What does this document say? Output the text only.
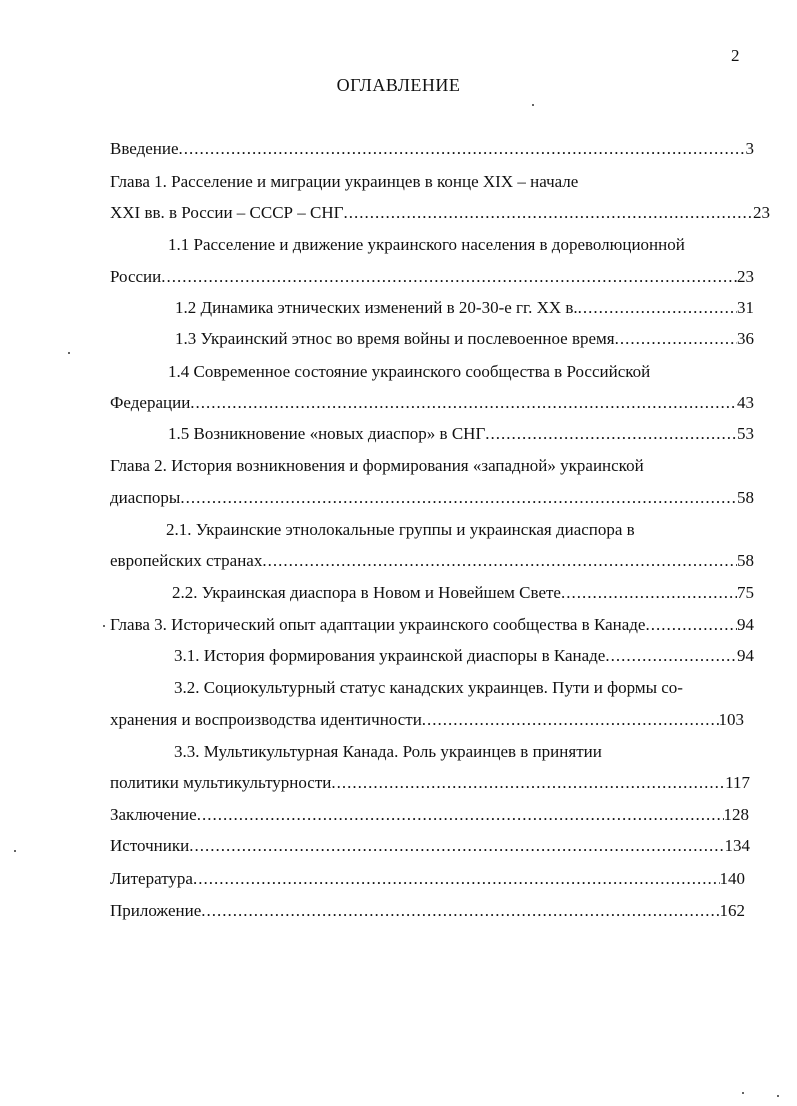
2
ОГЛАВЛЕНИЕ
Введение .....	3
Глава 1. Расселение и миграции украинцев в конце XIX – начале
XXI вв. в России – СССР – СНГ .....	23
1.1 Расселение и движение украинского населения в дореволюционной
России .....	23
1.2 Динамика этнических изменений в 20-30-е гг. XX в. .....	31
1.3 Украинский этнос во время войны и послевоенное время .....	36
1.4 Современное состояние украинского сообщества в Российской
Федерации .....	43
1.5 Возникновение «новых диаспор» в СНГ .....	53
Глава 2. История возникновения и формирования «западной» украинской
диаспоры .....	58
2.1. Украинские этнолокальные группы и украинская диаспора в
европейских странах .....	58
2.2. Украинская диаспора в Новом и Новейшем Свете .....	75
Глава 3. Исторический опыт адаптации украинского сообщества в Канаде .....	94
3.1. История формирования украинской диаспоры в Канаде .....	94
3.2. Социокультурный статус канадских украинцев. Пути и формы со-
хранения и воспроизводства идентичности .....	103
3.3. Мультикультурная Канада. Роль украинцев в принятии
политики мультикультурности .....	117
Заключение .....	128
Источники .....	134
Литература .....	140
Приложение .....	162
